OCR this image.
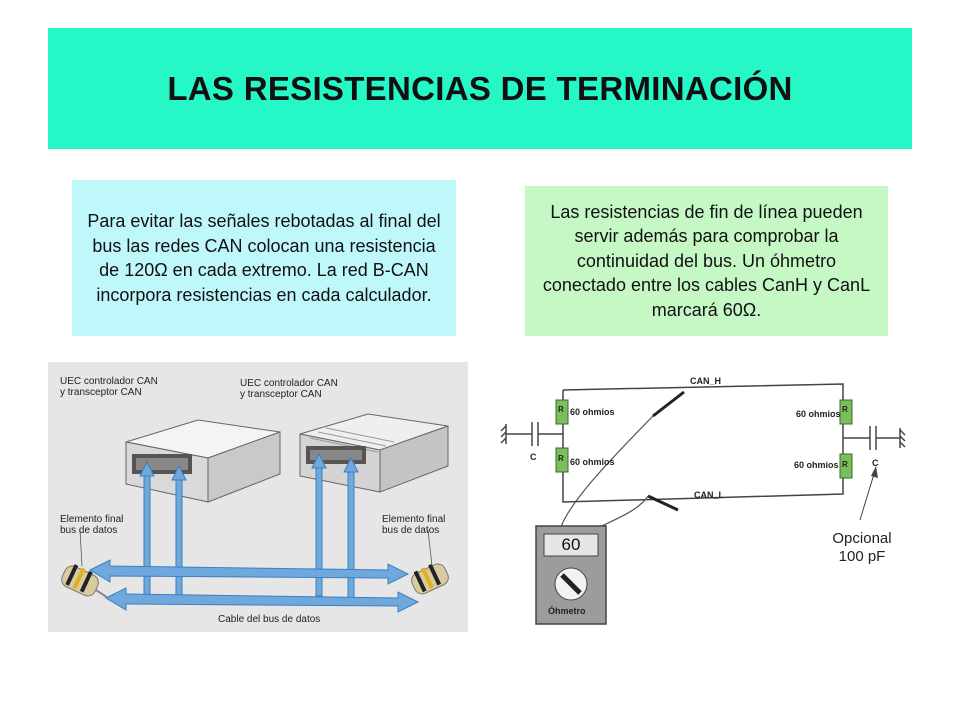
LAS RESISTENCIAS DE TERMINACIÓN
Para evitar las señales rebotadas al final del bus las redes CAN colocan una resistencia de 120Ω en cada extremo. La red B-CAN incorpora resistencias en cada calculador.
Las resistencias de fin de línea pueden servir además para comprobar la continuidad del bus. Un óhmetro conectado entre los cables CanH y CanL marcará 60Ω.
UEC controlador CAN
y transceptor CAN
UEC controlador CAN
y transceptor CAN
Elemento final
bus de datos
Elemento final
bus de datos
Cable del bus de datos
CAN_H
CAN_L
R
R
R
R
60 ohmios
60 ohmios
60 ohmios
60 ohmios
C
C
60
Óhmetro
Opcional
100 pF
